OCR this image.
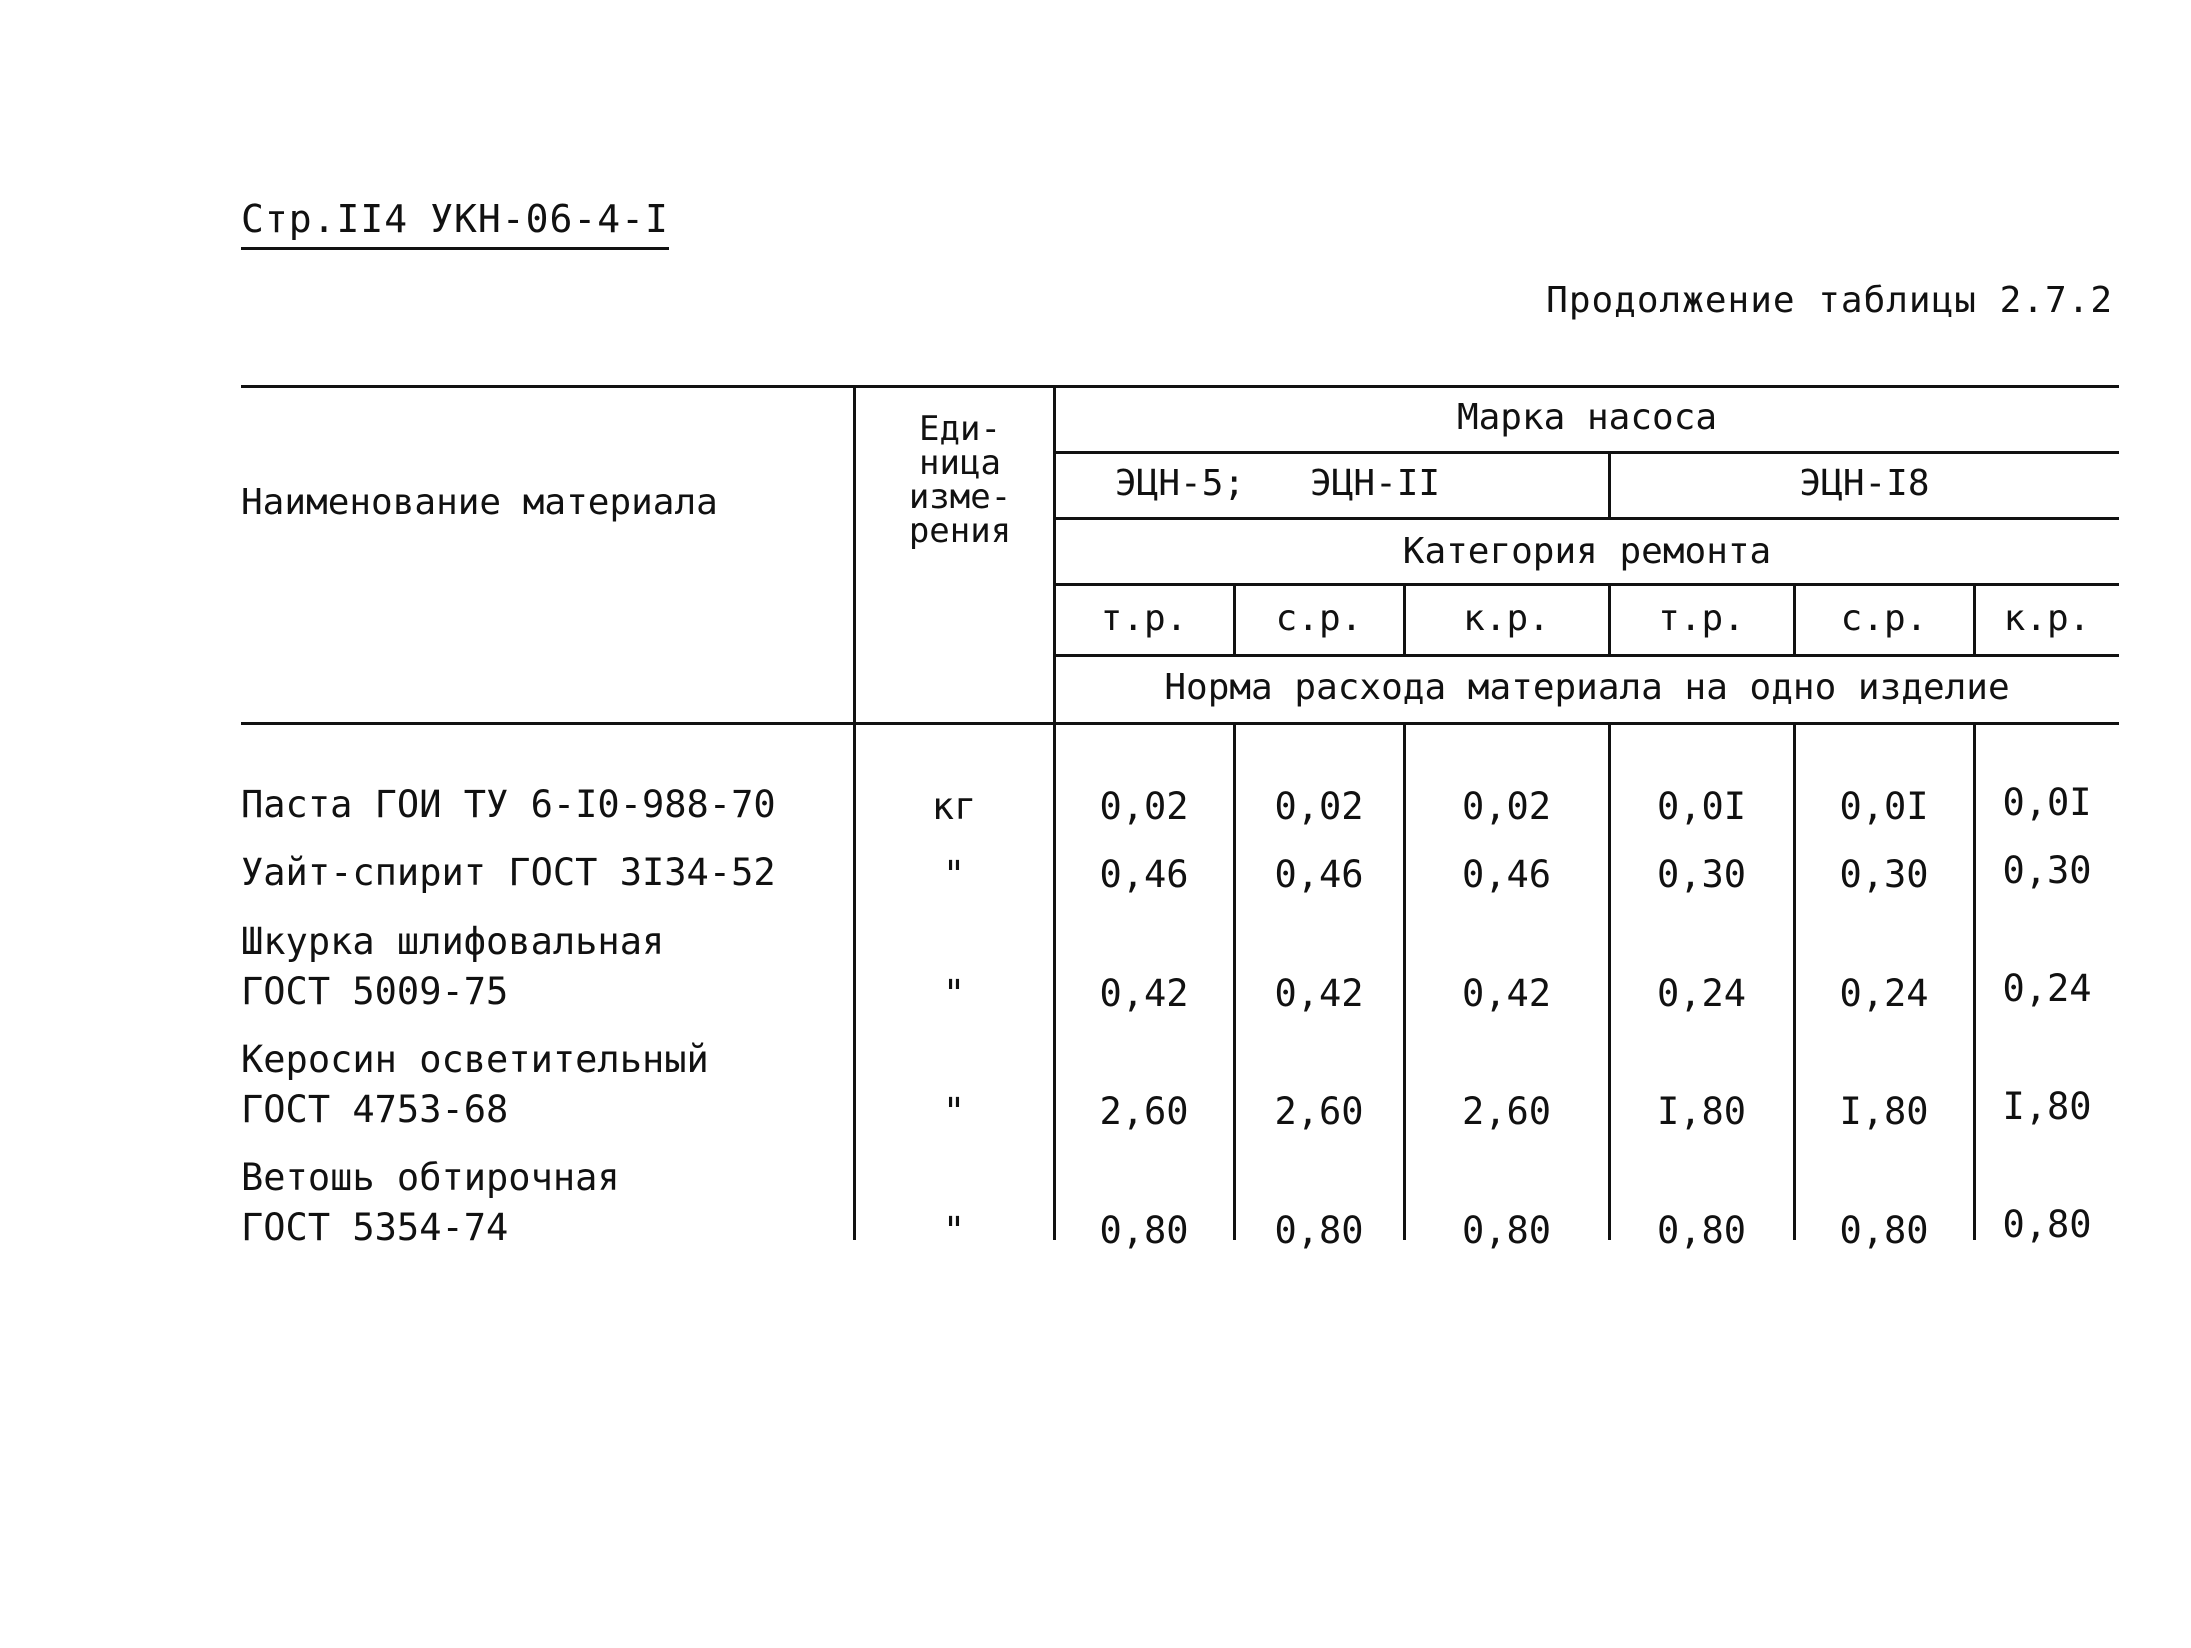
Стр.II4 УКН-06-4-I
Продолжение таблицы 2.7.2
Наименование материала
Еди-
ница
изме-
рения
Марка насоса
ЭЦН-5;   ЭЦН-II	ЭЦН-I8
Категория ремонта
т.р.	с.р.	к.р.	т.р.	с.р.	к.р.
Норма расхода материала на одно изделие
Паста ГОИ ТУ 6-I0-988-70	кг	0,02	0,02	0,02	0,0I	0,0I	0,0I
Уайт-спирит ГОСТ 3I34-52	"	0,46	0,46	0,46	0,30	0,30	0,30
Шкурка шлифовальная
ГОСТ 5009-75	"	0,42	0,42	0,42	0,24	0,24	0,24
Керосин осветительный
ГОСТ 4753-68	"	2,60	2,60	2,60	I,80	I,80	I,80
Ветошь обтирочная
ГОСТ 5354-74	"	0,80	0,80	0,80	0,80	0,80	0,80
